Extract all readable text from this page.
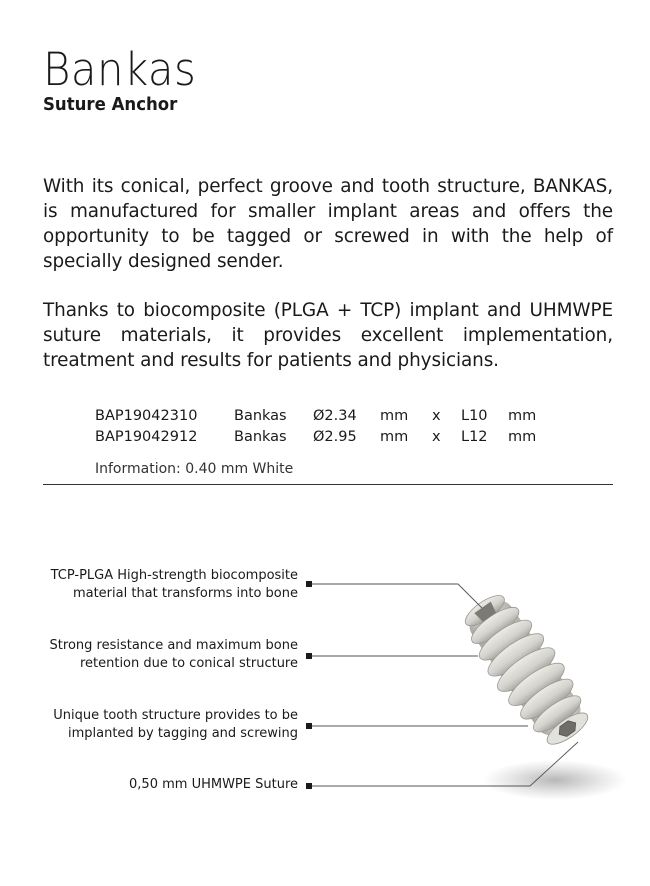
Bankas
Suture Anchor

With its conical, perfect groove and tooth structure, BANKAS, is manufactured for smaller implant areas and offers the opportunity to be tagged or screwed in with the help of specially designed sender.

Thanks to biocomposite (PLGA + TCP) implant and UHMWPE suture materials, it provides excellent implementation, treatment and results for patients and physicians.

BAP19042310	Bankas	Ø2.34	mm	x	L10	mm
BAP19042912	Bankas	Ø2.95	mm	x	L12	mm

Information: 0.40 mm White

TCP-PLGA High-strength biocomposite
material that transforms into bone
Strong resistance and maximum bone
retention due to conical structure
Unique tooth structure provides to be
implanted by tagging and screwing
0,50 mm UHMWPE Suture
